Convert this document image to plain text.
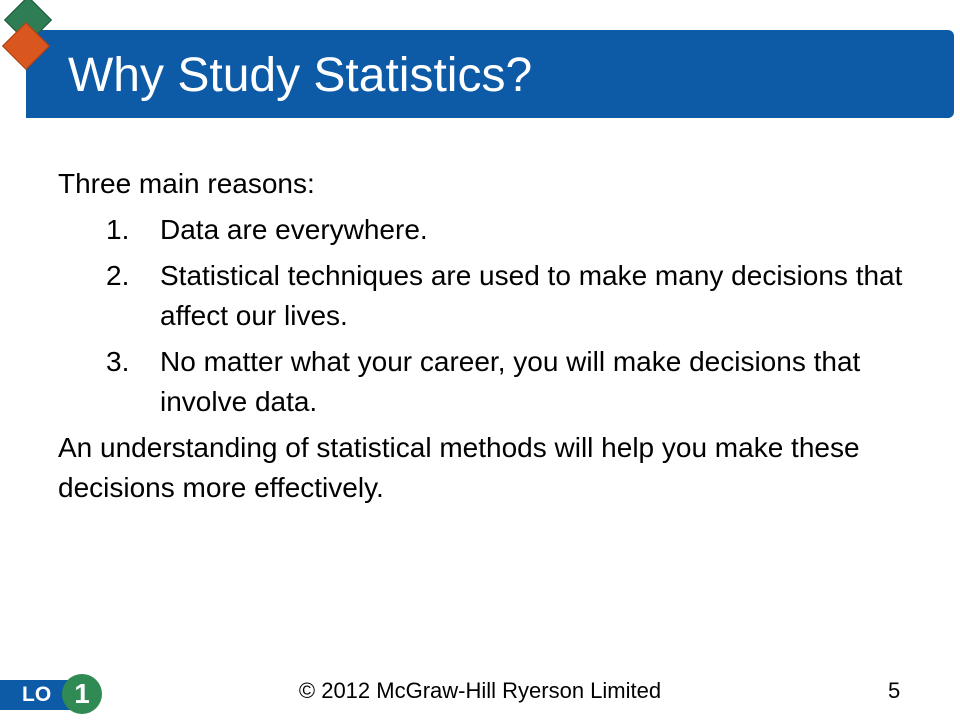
Why Study Statistics?

Three main reasons:

1.	Data are everywhere.
2.	Statistical techniques are used to make many decisions that affect our lives.
3.	No matter what your career, you will make decisions that involve data.

An understanding of statistical methods will help you make these decisions more effectively.

LO 1	© 2012 McGraw-Hill Ryerson Limited	5
